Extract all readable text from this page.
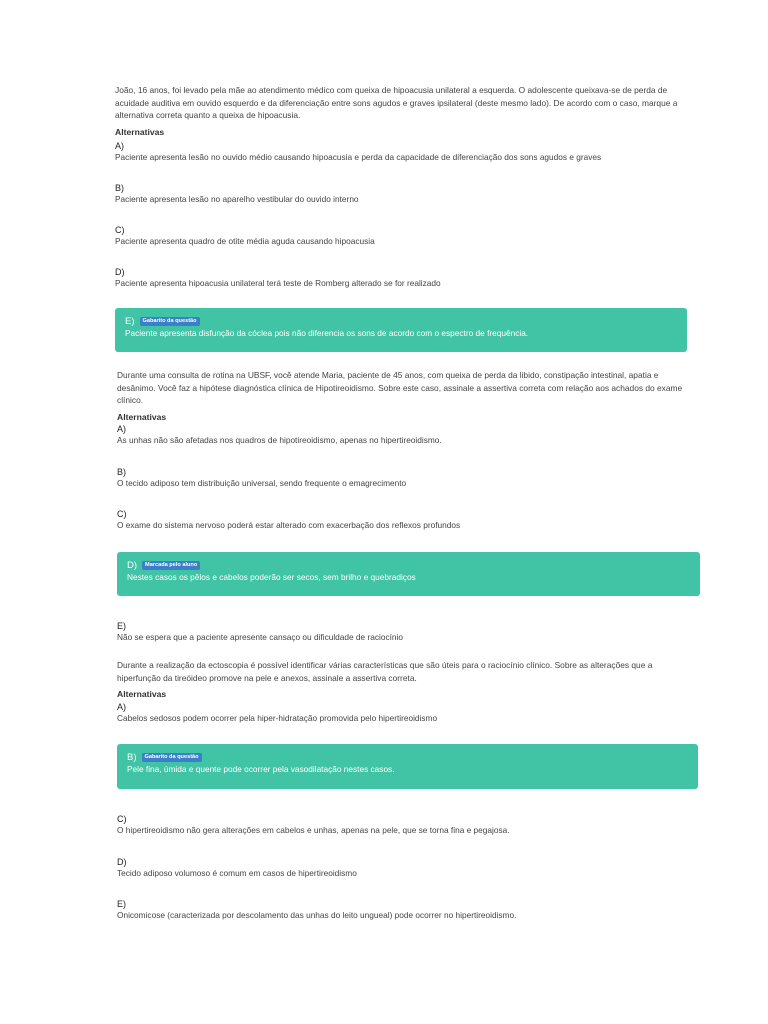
João, 16 anos, foi levado pela mãe ao atendimento médico com queixa de hipoacusia unilateral a esquerda. O adolescente queixava-se de perda de acuidade auditiva em ouvido esquerdo e da diferenciação entre sons agudos e graves ipsilateral (deste mesmo lado). De acordo com o caso, marque a alternativa correta quanto a queixa de hipoacusia.

Alternativas
A)
Paciente apresenta lesão no ouvido médio causando hipoacusia e perda da capacidade de diferenciação dos sons agudos e graves
B)
Paciente apresenta lesão no aparelho vestibular do ouvido interno
C)
Paciente apresenta quadro de otite média aguda causando hipoacusia
D)
Paciente apresenta hipoacusia unilateral terá teste de Romberg alterado se for realizado
E)	Gabarito da questão
Paciente apresenta disfunção da cóclea pois não diferencia os sons de acordo com o espectro de frequência.

Durante uma consulta de rotina na UBSF, você atende Maria, paciente de 45 anos, com queixa de perda da libido, constipação intestinal, apatia e desânimo. Você faz a hipótese diagnóstica clínica de Hipotireoidismo. Sobre este caso, assinale a assertiva correta com relação aos achados do exame clínico.

Alternativas
A)
As unhas não são afetadas nos quadros de hipotireoidismo, apenas no hipertireoidismo.
B)
O tecido adiposo tem distribuição universal, sendo frequente o emagrecimento
C)
O exame do sistema nervoso poderá estar alterado com exacerbação dos reflexos profundos
D)	Marcada pelo aluno
Nestes casos os pêlos e cabelos poderão ser secos, sem brilho e quebradiços
E)
Não se espera que a paciente apresente cansaço ou dificuldade de raciocínio

Durante a realização da ectoscopia é possível identificar várias características que são úteis para o raciocínio clínico. Sobre as alterações que a hiperfunção da tireóideo promove na pele e anexos, assinale a assertiva correta.

Alternativas
A)
Cabelos sedosos podem ocorrer pela hiper-hidratação promovida pelo hipertireoidismo
B)	Gabarito da questão
Pele fina, úmida e quente pode ocorrer pela vasodilatação nestes casos.
C)
O hipertireoidismo não gera alterações em cabelos e unhas, apenas na pele, que se torna fina e pegajosa.
D)
Tecido adiposo volumoso é comum em casos de hipertireoidismo
E)
Onicomicose (caracterizada por descolamento das unhas do leito ungueal) pode ocorrer no hipertireoidismo.
